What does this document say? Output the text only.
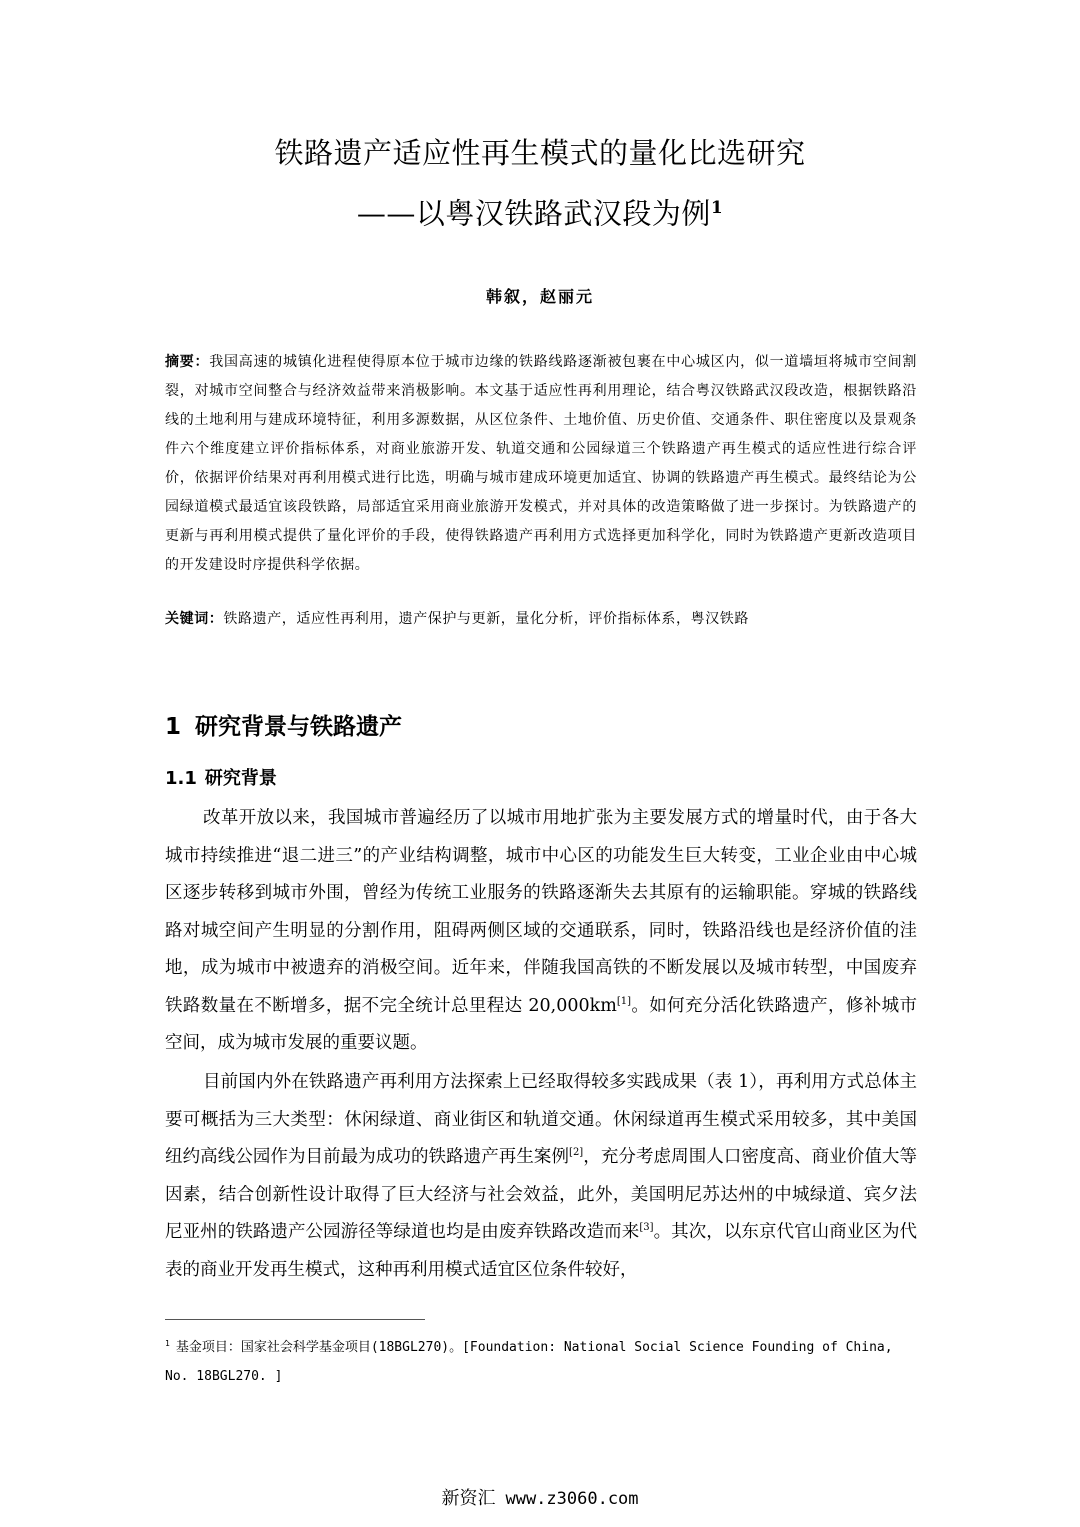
铁路遗产适应性再生模式的量化比选研究
——以粤汉铁路武汉段为例$^1$
韩叙，赵丽元
摘要：我国高速的城镇化进程使得原本位于城市边缘的铁路线路逐渐被包裹在中心城区内，似一道墙垣将城市空间割裂，对城市空间整合与经济效益带来消极影响。本文基于适应性再利用理论，结合粤汉铁路武汉段改造，根据铁路沿线的土地利用与建成环境特征，利用多源数据，从区位条件、土地价值、历史价值、交通条件、职住密度以及景观条件六个维度建立评价指标体系，对商业旅游开发、轨道交通和公园绿道三个铁路遗产再生模式的适应性进行综合评价，依据评价结果对再利用模式进行比选，明确与城市建成环境更加适宜、协调的铁路遗产再生模式。最终结论为公园绿道模式最适宜该段铁路，局部适宜采用商业旅游开发模式，并对具体的改造策略做了进一步探讨。为铁路遗产的更新与再利用模式提供了量化评价的手段，使得铁路遗产再利用方式选择更加科学化，同时为铁路遗产更新改造项目的开发建设时序提供科学依据。
关键词：铁路遗产，适应性再利用，遗产保护与更新，量化分析，评价指标体系，粤汉铁路
1 研究背景与铁路遗产
1.1 研究背景
改革开放以来，我国城市普遍经历了以城市用地扩张为主要发展方式的增量时代，由于各大城市持续推进“退二进三”的产业结构调整，城市中心区的功能发生巨大转变，工业企业由中心城区逐步转移到城市外围，曾经为传统工业服务的铁路逐渐失去其原有的运输职能。穿城的铁路线路对城空间产生明显的分割作用，阻碍两侧区域的交通联系，同时，铁路沿线也是经济价值的洼地，成为城市中被遗弃的消极空间。近年来，伴随我国高铁的不断发展以及城市转型，中国废弃铁路数量在不断增多，据不完全统计总里程达 20,000km[1]。如何充分活化铁路遗产，修补城市空间，成为城市发展的重要议题。
目前国内外在铁路遗产再利用方法探索上已经取得较多实践成果（表 1），再利用方式总体主要可概括为三大类型：休闲绿道、商业街区和轨道交通。休闲绿道再生模式采用较多，其中美国纽约高线公园作为目前最为成功的铁路遗产再生案例[2]，充分考虑周围人口密度高、商业价值大等因素，结合创新性设计取得了巨大经济与社会效益，此外，美国明尼苏达州的中城绿道、宾夕法尼亚州的铁路遗产公园游径等绿道也均是由废弃铁路改造而来[3]。其次，以东京代官山商业区为代表的商业开发再生模式，这种再利用模式适宜区位条件较好，
$^1$ 基金项目：国家社会科学基金项目(18BGL270)。[Foundation: National Social Science Founding of China, No. 18BGL270. ]
新资汇 www.z3060.com
